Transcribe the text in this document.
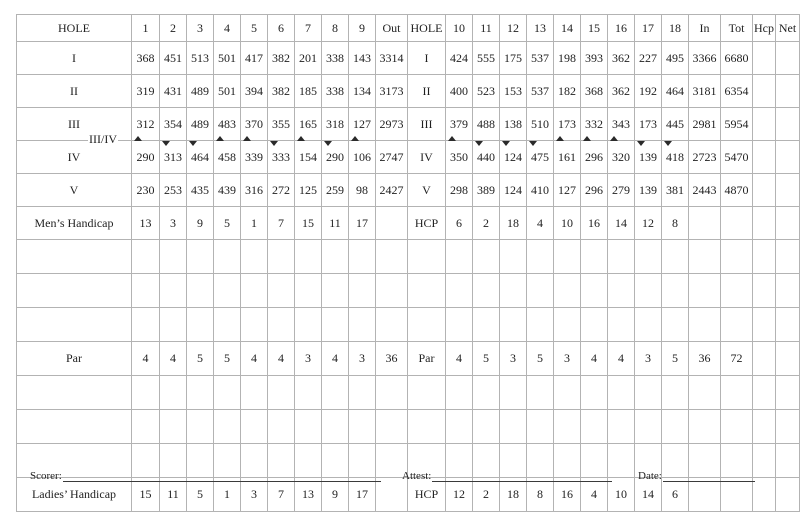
HOLE	1	2	3	4	5	6	7	8	9	Out	HOLE	10	11	12	13	14	15	16	17	18	In	Tot	Hcp	Net
I	368	451	513	501	417	382	201	338	143	3314	I	424	555	175	537	198	393	362	227	495	3366	6680		
II	319	431	489	501	394	382	185	338	134	3173	II	400	523	153	537	182	368	362	192	464	3181	6354		
III	312	354	489	483	370	355	165	318	127	2973	III	379	488	138	510	173	332	343	173	445	2981	5954		
IV	290	313	464	458	339	333	154	290	106	2747	IV	350	440	124	475	161	296	320	139	418	2723	5470		
V	230	253	435	439	316	272	125	259	98	2427	V	298	389	124	410	127	296	279	139	381	2443	4870		
Men’s Handicap	13	3	9	5	1	7	15	11	17		HCP	6	2	18	4	10	16	14	12	8				

Par	4	4	5	5	4	4	3	4	3	36	Par	4	5	3	5	3	4	4	3	5	36	72		

Ladies’ Handicap	15	11	5	1	3	7	13	9	17		HCP	12	2	18	8	16	4	10	14	6				
III/IV
Scorer:	Attest:	Date:
